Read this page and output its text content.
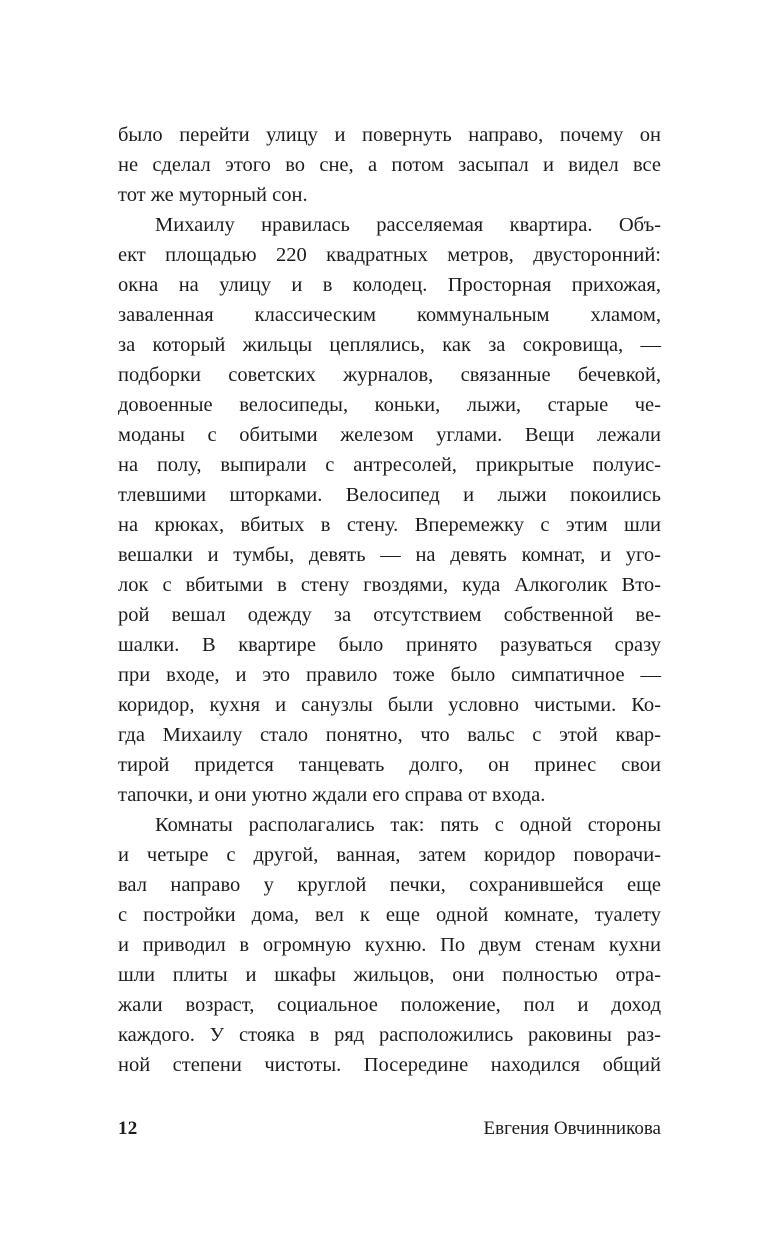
было перейти улицу и повернуть направо, почему он
не сделал этого во сне, а потом засыпал и видел все
тот же муторный сон.
Михаилу нравилась расселяемая квартира. Объ-
ект площадью 220 квадратных метров, двусторонний:
окна на улицу и в колодец. Просторная прихожая,
заваленная классическим коммунальным хламом,
за который жильцы цеплялись, как за сокровища, —
подборки советских журналов, связанные бечевкой,
довоенные велосипеды, коньки, лыжи, старые че-
моданы с обитыми железом углами. Вещи лежали
на полу, выпирали с антресолей, прикрытые полуис-
тлевшими шторками. Велосипед и лыжи покоились
на крюках, вбитых в стену. Вперемежку с этим шли
вешалки и тумбы, девять — на девять комнат, и уго-
лок с вбитыми в стену гвоздями, куда Алкоголик Вто-
рой вешал одежду за отсутствием собственной ве-
шалки. В квартире было принято разуваться сразу
при входе, и это правило тоже было симпатичное —
коридор, кухня и санузлы были условно чистыми. Ко-
гда Михаилу стало понятно, что вальс с этой квар-
тирой придется танцевать долго, он принес свои
тапочки, и они уютно ждали его справа от входа.
Комнаты располагались так: пять с одной стороны
и четыре с другой, ванная, затем коридор поворачи-
вал направо у круглой печки, сохранившейся еще
с постройки дома, вел к еще одной комнате, туалету
и приводил в огромную кухню. По двум стенам кухни
шли плиты и шкафы жильцов, они полностью отра-
жали возраст, социальное положение, пол и доход
каждого. У стояка в ряд расположились раковины раз-
ной степени чистоты. Посередине находился общий
12	Евгения Овчинникова
